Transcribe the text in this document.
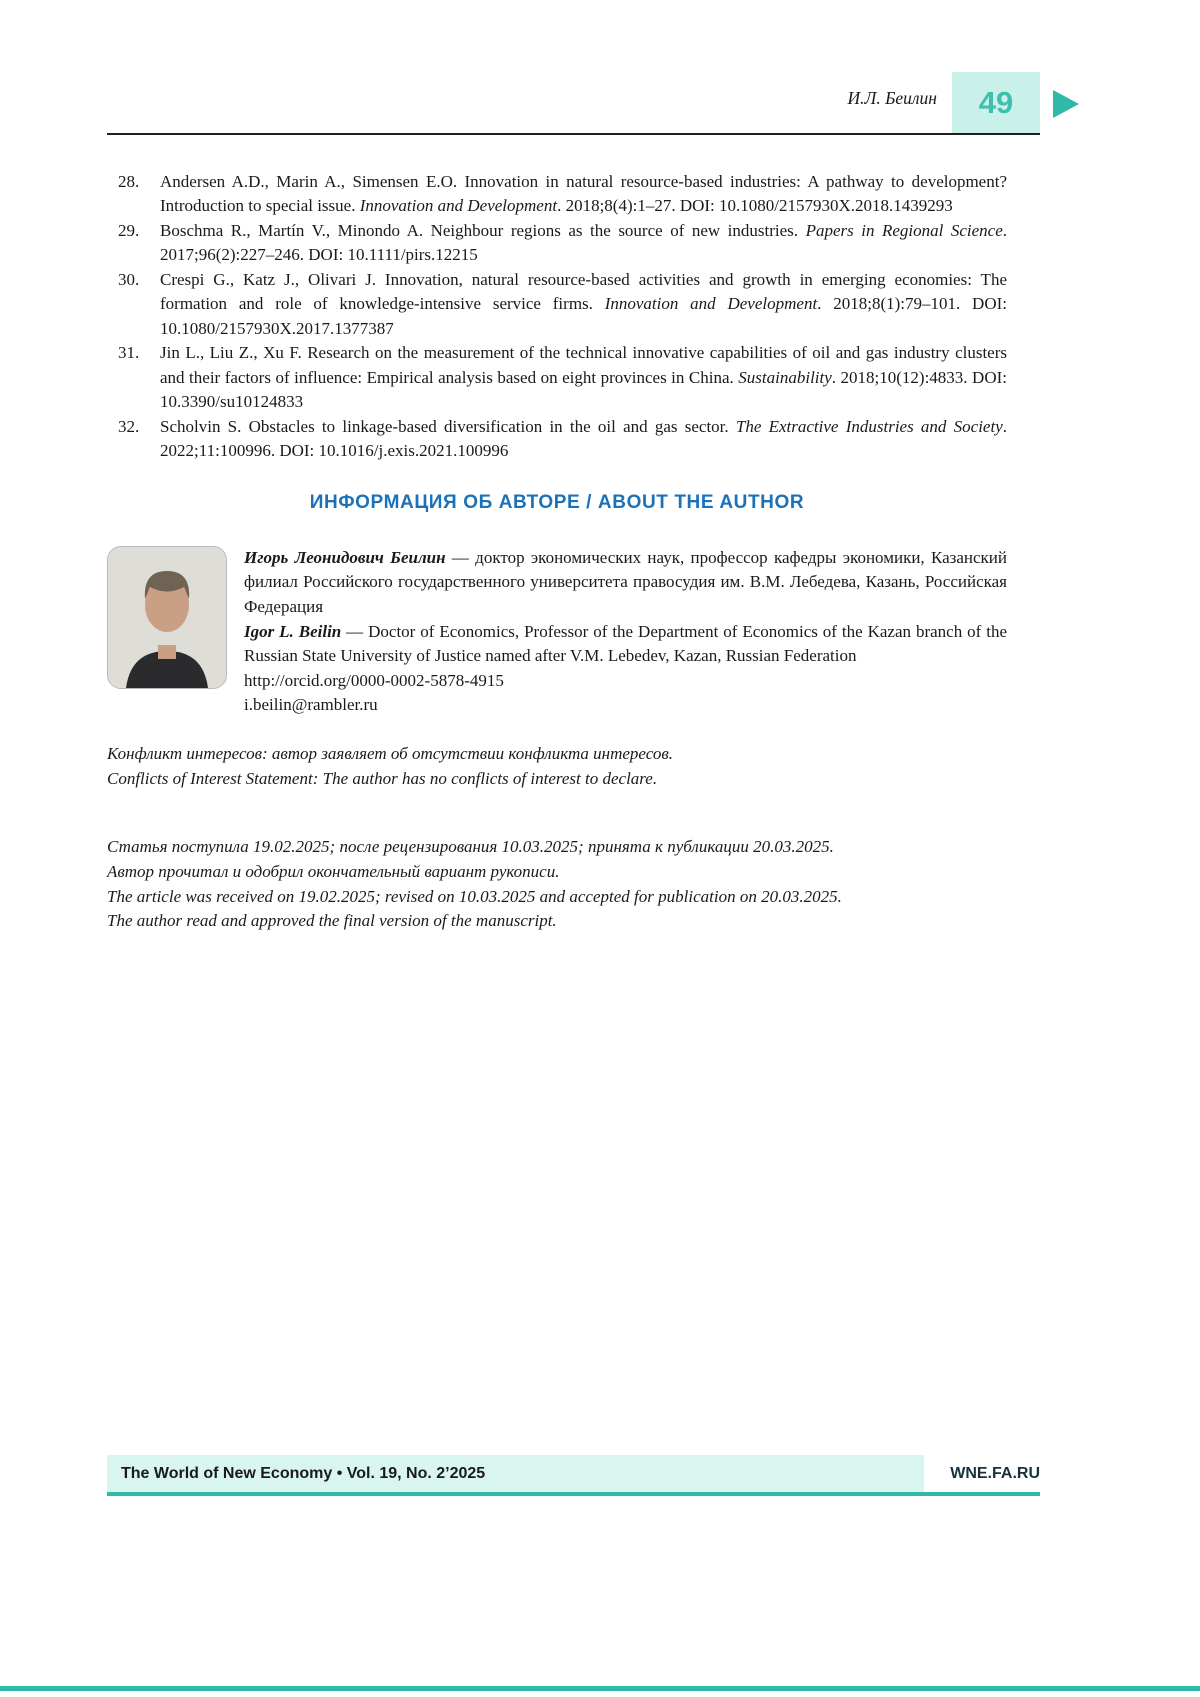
И.Л. Беилин 49
28.	Andersen A.D., Marin A., Simensen E.O. Innovation in natural resource-based industries: A pathway to development? Introduction to special issue. Innovation and Development. 2018;8(4):1–27. DOI: 10.1080/2157930X.2018.1439293
29.	Boschma R., Martín V., Minondo A. Neighbour regions as the source of new industries. Papers in Regional Science. 2017;96(2):227–246. DOI: 10.1111/pirs.12215
30.	Crespi G., Katz J., Olivari J. Innovation, natural resource-based activities and growth in emerging economies: The formation and role of knowledge-intensive service firms. Innovation and Development. 2018;8(1):79–101. DOI: 10.1080/2157930X.2017.1377387
31.	Jin L., Liu Z., Xu F. Research on the measurement of the technical innovative capabilities of oil and gas industry clusters and their factors of influence: Empirical analysis based on eight provinces in China. Sustainability. 2018;10(12):4833. DOI: 10.3390/su10124833
32.	Scholvin S. Obstacles to linkage-based diversification in the oil and gas sector. The Extractive Industries and Society. 2022;11:100996. DOI: 10.1016/j.exis.2021.100996
ИНФОРМАЦИЯ ОБ АВТОРЕ / ABOUT THE AUTHOR

Игорь Леонидович Беилин — доктор экономических наук, профессор кафедры экономики, Казанский филиал Российского государственного университета правосудия им. В.М. Лебедева, Казань, Российская Федерация

Igor L. Beilin — Doctor of Economics, Professor of the Department of Economics of the Kazan branch of the Russian State University of Justice named after V.M. Lebedev, Kazan, Russian Federation

http://orcid.org/0000-0002-5878-4915

i.beilin@rambler.ru

Конфликт интересов: автор заявляет об отсутствии конфликта интересов.

Conflicts of Interest Statement: The author has no conflicts of interest to declare.

Статья поступила 19.02.2025; после рецензирования 10.03.2025; принята к публикации 20.03.2025.

Автор прочитал и одобрил окончательный вариант рукописи.

The article was received on 19.02.2025; revised on 10.03.2025 and accepted for publication on 20.03.2025.

The author read and approved the final version of the manuscript.

The World of New Economy • Vol. 19, No. 2’2025	WNE.FA.RU
